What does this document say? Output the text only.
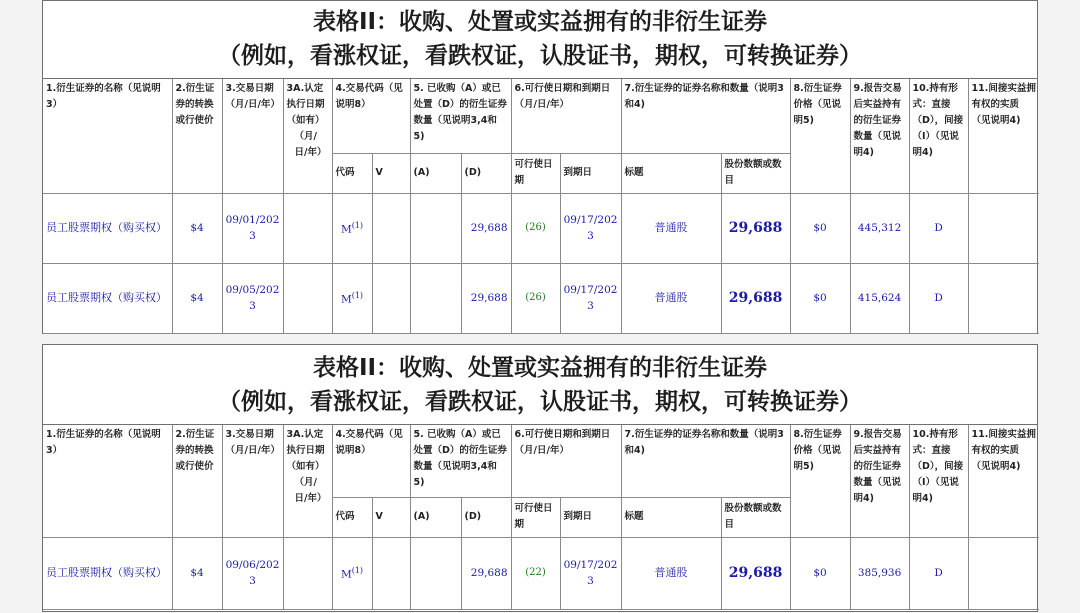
表格II：收购、处置或实益拥有的非衍生证券
（例如，看涨权证，看跌权证，认股证书，期权，可转换证券）
1.衍生证券的名称（见说明3）	2.衍生证券的转换或行使价	3.交易日期（月/日/年）	3A.认定执行日期（如有）
（月/日/年）	4.交易代码（见说明8）		5. 已收购（A）或已处置（D）的衍生证券数量（见说明3,4和5)		6.可行使日期和到期日（月/日/年）		7.衍生证券的证券名称和数量（说明3和4)		8.衍生证券价格（见说明5)	9.报告交易后实益持有的衍生证券数量（见说明4)	10.持有形式：直接（D），间接（I）（见说明4)	11.间接实益拥有权的实质（见说明4)
				代码	V	(A)	(D)	可行使日期	到期日	标题	股份数额或数目				
员工股票期权（购买权）	$4	09/01/2023		$M^{(1)}$			29,688	(26)	09/17/2023	普通股	29,688	$0	445,312	D	
员工股票期权（购买权）	$4	09/05/2023		$M^{(1)}$			29,688	(26)	09/17/2023	普通股	29,688	$0	415,624	D	
表格II：收购、处置或实益拥有的非衍生证券
（例如，看涨权证，看跌权证，认股证书，期权，可转换证券）
1.衍生证券的名称（见说明3）	2.衍生证券的转换或行使价	3.交易日期（月/日/年）	3A.认定执行日期（如有）
（月/日/年）	4.交易代码（见说明8）		5. 已收购（A）或已处置（D）的衍生证券数量（见说明3,4和5)		6.可行使日期和到期日（月/日/年）		7.衍生证券的证券名称和数量（说明3和4)		8.衍生证券价格（见说明5)	9.报告交易后实益持有的衍生证券数量（见说明4)	10.持有形式：直接（D），间接（I）（见说明4)	11.间接实益拥有权的实质（见说明4)
				代码	V	(A)	(D)	可行使日期	到期日	标题	股份数额或数目				
员工股票期权（购买权）	$4	09/06/2023		$M^{(1)}$			29,688	(22)	09/17/2023	普通股	29,688	$0	385,936	D	
